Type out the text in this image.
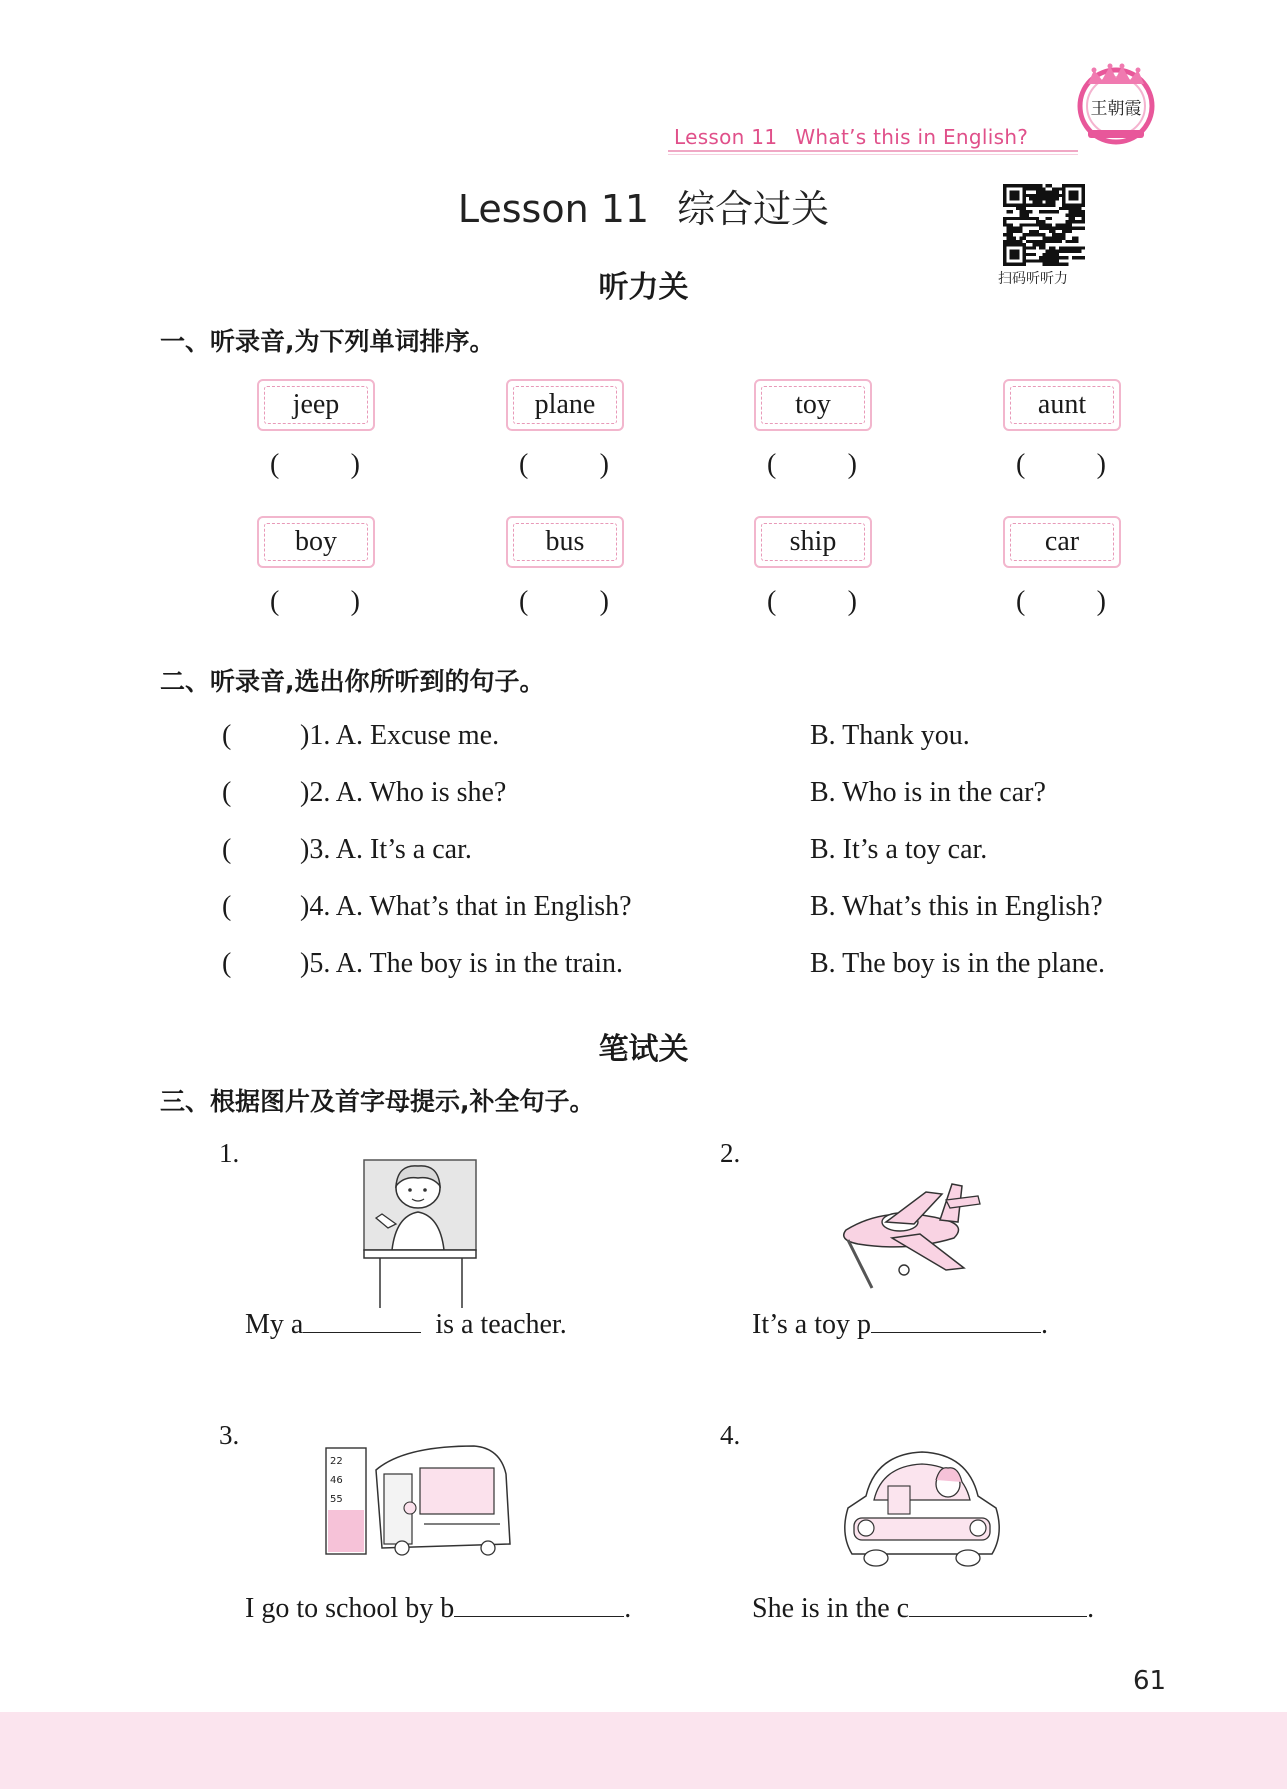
Lesson 11 What’s this in English?
王朝霞
Lesson 11 综合过关
扫码听听力
听力关
一、听录音,为下列单词排序。
jeep
(	)
plane
(	)
toy
(	)
aunt
(	)
boy
(	)
bus
(	)
ship
(	)
car
(	)
二、听录音,选出你所听到的句子。
( )1. A. Excuse me.	B. Thank you.
( )2. A. Who is she?	B. Who is in the car?
( )3. A. It’s a car.	B. It’s a toy car.
( )4. A. What’s that in English?	B. What’s this in English?
( )5. A. The boy is in the train.	B. The boy is in the plane.
笔试关
三、根据图片及首字母提示,补全句子。
1.
My a	is a teacher.
2.
It’s a toy p	.
3.
22
46
55
I go to school by b	.
4.
She is in the c	.
61
